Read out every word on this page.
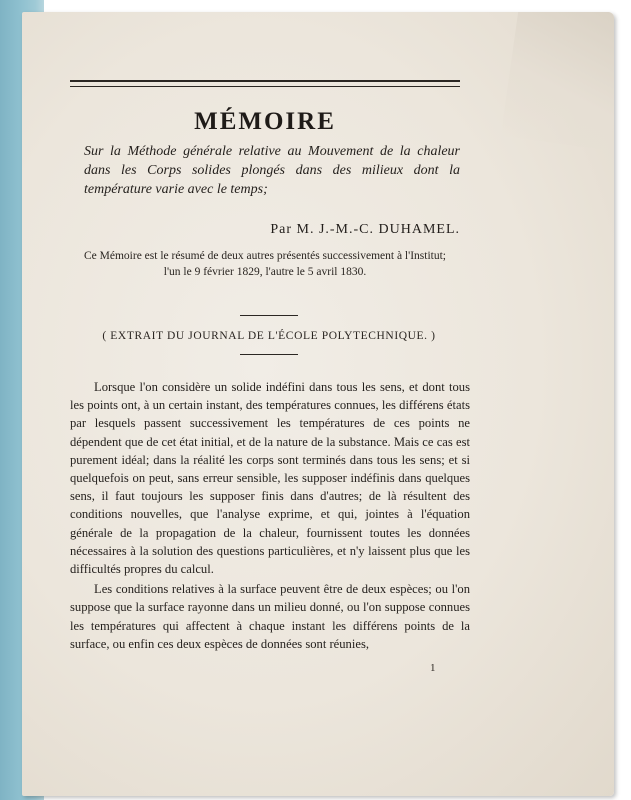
MÉMOIRE
Sur la Méthode générale relative au Mouvement de la chaleur dans les Corps solides plongés dans des milieux dont la température varie avec le temps;
Par M. J.-M.-C. DUHAMEL.
Ce Mémoire est le résumé de deux autres présentés successivement à l'Institut;
l'un le 9 février 1829, l'autre le 5 avril 1830.
( EXTRAIT DU JOURNAL DE L'ÉCOLE POLYTECHNIQUE. )

Lorsque l'on considère un solide indéfini dans tous les sens, et dont tous les points ont, à un certain instant, des températures connues, les différens états par lesquels passent successivement les températures de ces points ne dépendent que de cet état initial, et de la nature de la substance. Mais ce cas est purement idéal; dans la réalité les corps sont terminés dans tous les sens; et si quelquefois on peut, sans erreur sensible, les supposer indéfinis dans quelques sens, il faut toujours les supposer finis dans d'autres; de là résultent des conditions nouvelles, que l'analyse exprime, et qui, jointes à l'équation générale de la propagation de la chaleur, fournissent toutes les données nécessaires à la solution des questions particulières, et n'y laissent plus que les difficultés propres du calcul.

Les conditions relatives à la surface peuvent être de deux espèces; ou l'on suppose que la surface rayonne dans un milieu donné, ou l'on suppose connues les températures qui affectent à chaque instant les différens points de la surface, ou enfin ces deux espèces de données sont réunies,

1
